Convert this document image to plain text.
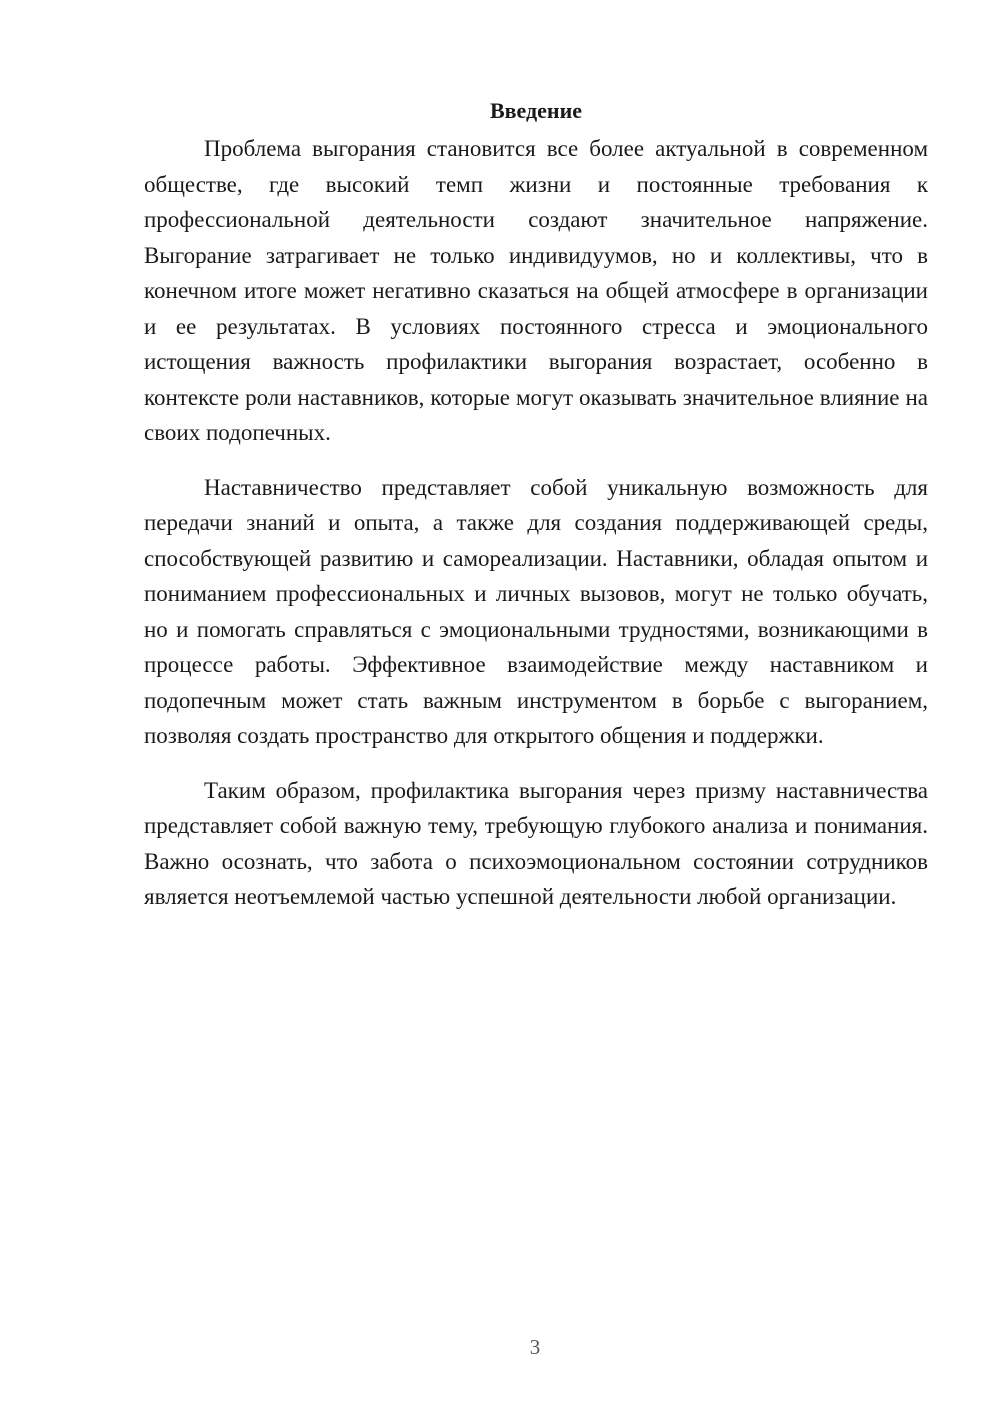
Введение

Проблема выгорания становится все более актуальной в современном обществе, где высокий темп жизни и постоянные требования к профессиональной деятельности создают значительное напряжение. Выгорание затрагивает не только индивидуумов, но и коллективы, что в конечном итоге может негативно сказаться на общей атмосфере в организации и ее результатах. В условиях постоянного стресса и эмоционального истощения важность профилактики выгорания возрастает, особенно в контексте роли наставников, которые могут оказывать значительное влияние на своих подопечных.

Наставничество представляет собой уникальную возможность для передачи знаний и опыта, а также для создания поддерживающей среды, способствующей развитию и самореализации. Наставники, обладая опытом и пониманием профессиональных и личных вызовов, могут не только обучать, но и помогать справляться с эмоциональными трудностями, возникающими в процессе работы. Эффективное взаимодействие между наставником и подопечным может стать важным инструментом в борьбе с выгоранием, позволяя создать пространство для открытого общения и поддержки.

Таким образом, профилактика выгорания через призму наставничества представляет собой важную тему, требующую глубокого анализа и понимания. Важно осознать, что забота о психоэмоциональном состоянии сотрудников является неотъемлемой частью успешной деятельности любой организации.

3
